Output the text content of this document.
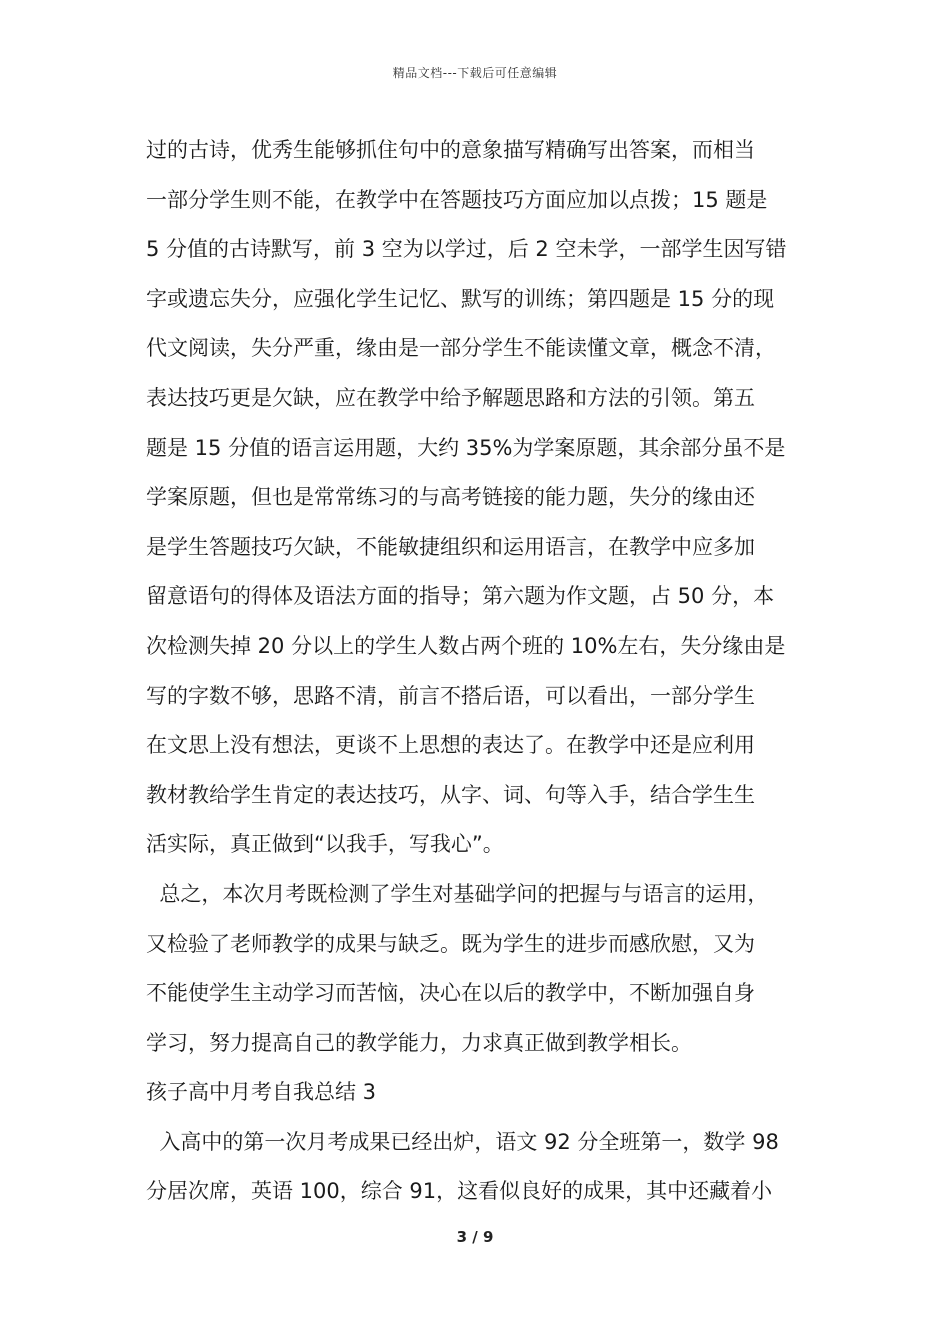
精品文档---下载后可任意编辑
过的古诗，优秀生能够抓住句中的意象描写精确写出答案，而相当
一部分学生则不能，在教学中在答题技巧方面应加以点拨；15 题是
5 分值的古诗默写，前 3 空为以学过，后 2 空未学，一部学生因写错
字或遗忘失分，应强化学生记忆、默写的训练；第四题是 15 分的现
代文阅读，失分严重，缘由是一部分学生不能读懂文章，概念不清，
表达技巧更是欠缺，应在教学中给予解题思路和方法的引领。第五
题是 15 分值的语言运用题，大约 35%为学案原题，其余部分虽不是
学案原题，但也是常常练习的与高考链接的能力题，失分的缘由还
是学生答题技巧欠缺，不能敏捷组织和运用语言，在教学中应多加
留意语句的得体及语法方面的指导；第六题为作文题，占 50 分，本
次检测失掉 20 分以上的学生人数占两个班的 10%左右，失分缘由是
写的字数不够，思路不清，前言不搭后语，可以看出，一部分学生
在文思上没有想法，更谈不上思想的表达了。在教学中还是应利用
教材教给学生肯定的表达技巧，从字、词、句等入手，结合学生生
活实际，真正做到“以我手，写我心”。
总之，本次月考既检测了学生对基础学问的把握与与语言的运用，
又检验了老师教学的成果与缺乏。既为学生的进步而感欣慰，又为
不能使学生主动学习而苦恼，决心在以后的教学中，不断加强自身
学习，努力提高自己的教学能力，力求真正做到教学相长。
孩子高中月考自我总结 3
入高中的第一次月考成果已经出炉，语文 92 分全班第一，数学 98
分居次席，英语 100，综合 91，这看似良好的成果，其中还藏着小
3 / 9
